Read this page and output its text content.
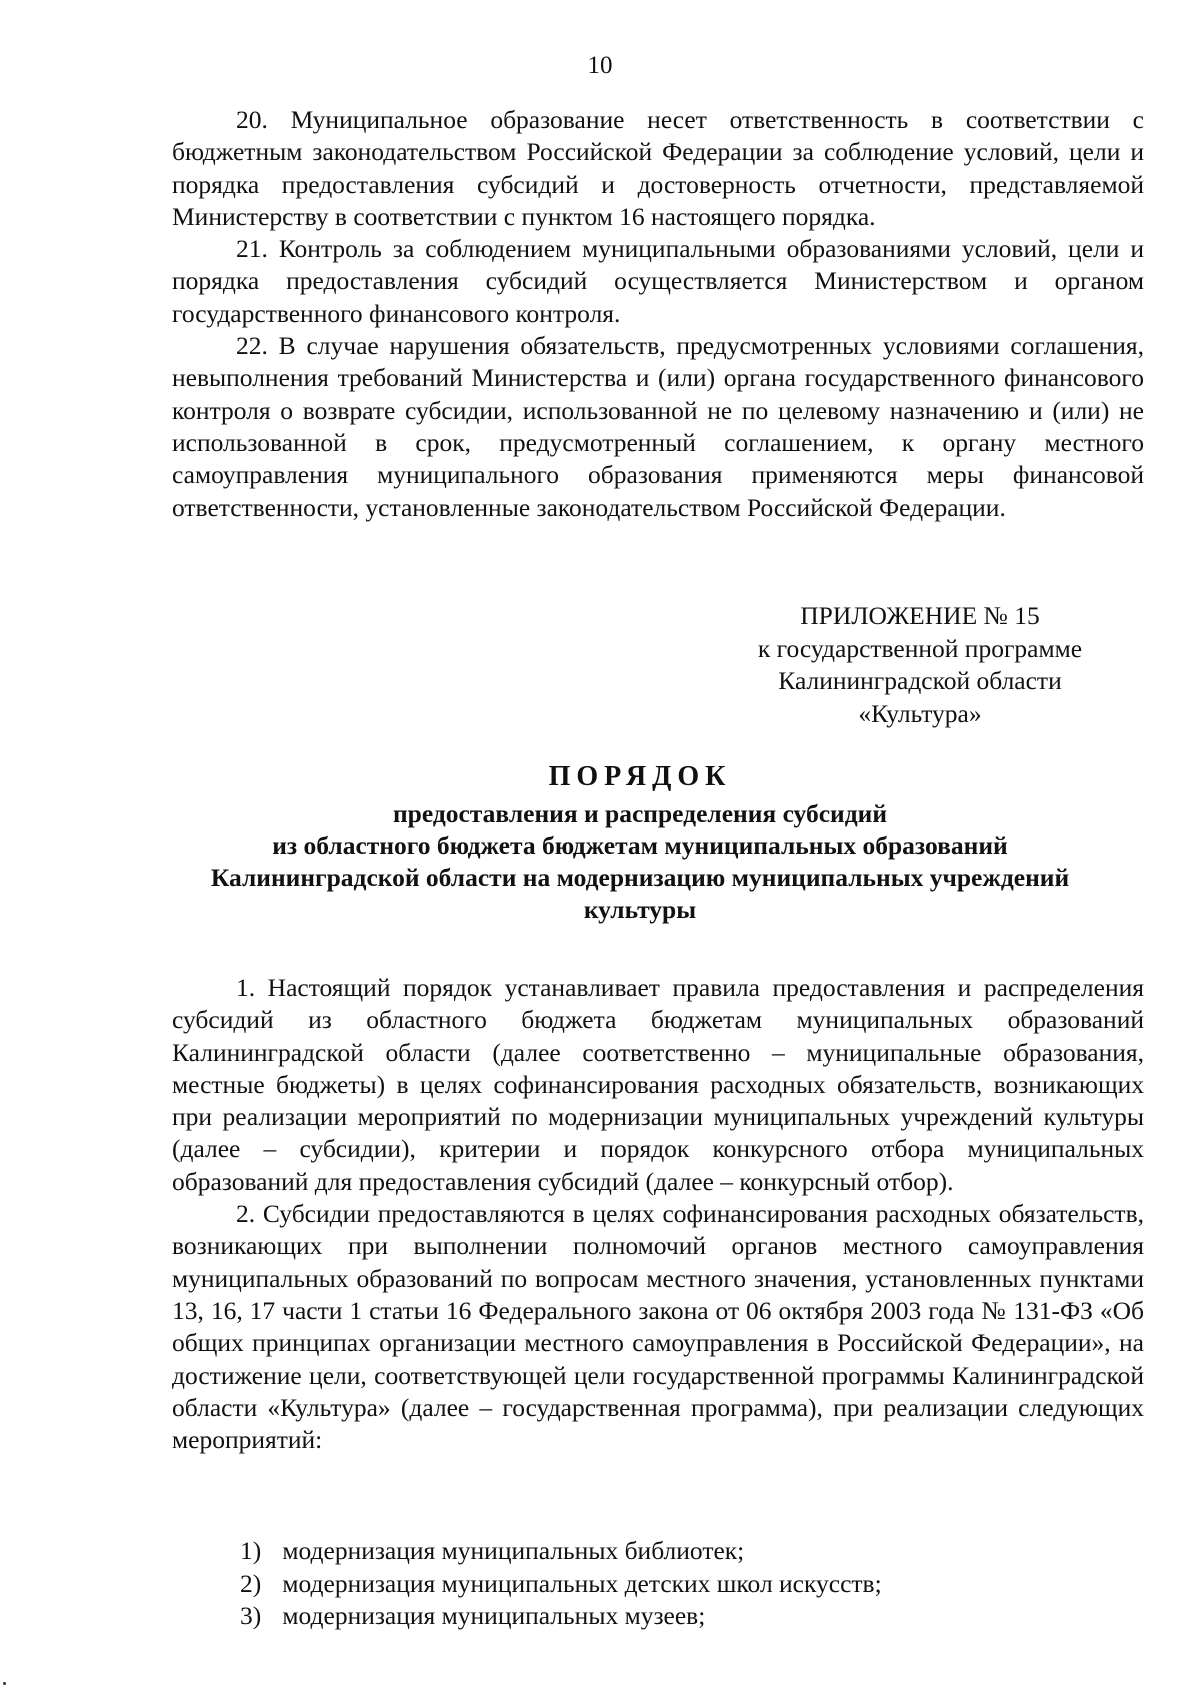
10

20. Муниципальное образование несет ответственность в соответствии с бюджетным законодательством Российской Федерации за соблюдение условий, цели и порядка предоставления субсидий и достоверность отчетности, представляемой Министерству в соответствии с пунктом 16 настоящего порядка.

21. Контроль за соблюдением муниципальными образованиями условий, цели и порядка предоставления субсидий осуществляется Министерством и органом государственного финансового контроля.

22. В случае нарушения обязательств, предусмотренных условиями соглашения, невыполнения требований Министерства и (или) органа государственного финансового контроля о возврате субсидии, использованной не по целевому назначению и (или) не использованной в срок, предусмотренный соглашением, к органу местного самоуправления муниципального образования применяются меры финансовой ответственности, установленные законодательством Российской Федерации.

ПРИЛОЖЕНИЕ № 15
к государственной программе
Калининградской области
«Культура»
ПОРЯДОК
предоставления и распределения субсидий
из областного бюджета бюджетам муниципальных образований
Калининградской области на модернизацию муниципальных учреждений
культуры

1. Настоящий порядок устанавливает правила предоставления и распределения субсидий из областного бюджета бюджетам муниципальных образований Калининградской области (далее соответственно – муниципальные образования, местные бюджеты) в целях софинансирования расходных обязательств, возникающих при реализации мероприятий по модернизации муниципальных учреждений культуры (далее – субсидии), критерии и порядок конкурсного отбора муниципальных образований для предоставления субсидий (далее – конкурсный отбор).

2. Субсидии предоставляются в целях софинансирования расходных обязательств, возникающих при выполнении полномочий органов местного самоуправления муниципальных образований по вопросам местного значения, установленных пунктами 13, 16, 17 части 1 статьи 16 Федерального закона от 06 октября 2003 года № 131-ФЗ «Об общих принципах организации местного самоуправления в Российской Федерации», на достижение цели, соответствующей цели государственной программы Калининградской области «Культура» (далее – государственная программа), при реализации следующих мероприятий:

1) модернизация муниципальных библиотек;
2) модернизация муниципальных детских школ искусств;
3) модернизация муниципальных музеев;
